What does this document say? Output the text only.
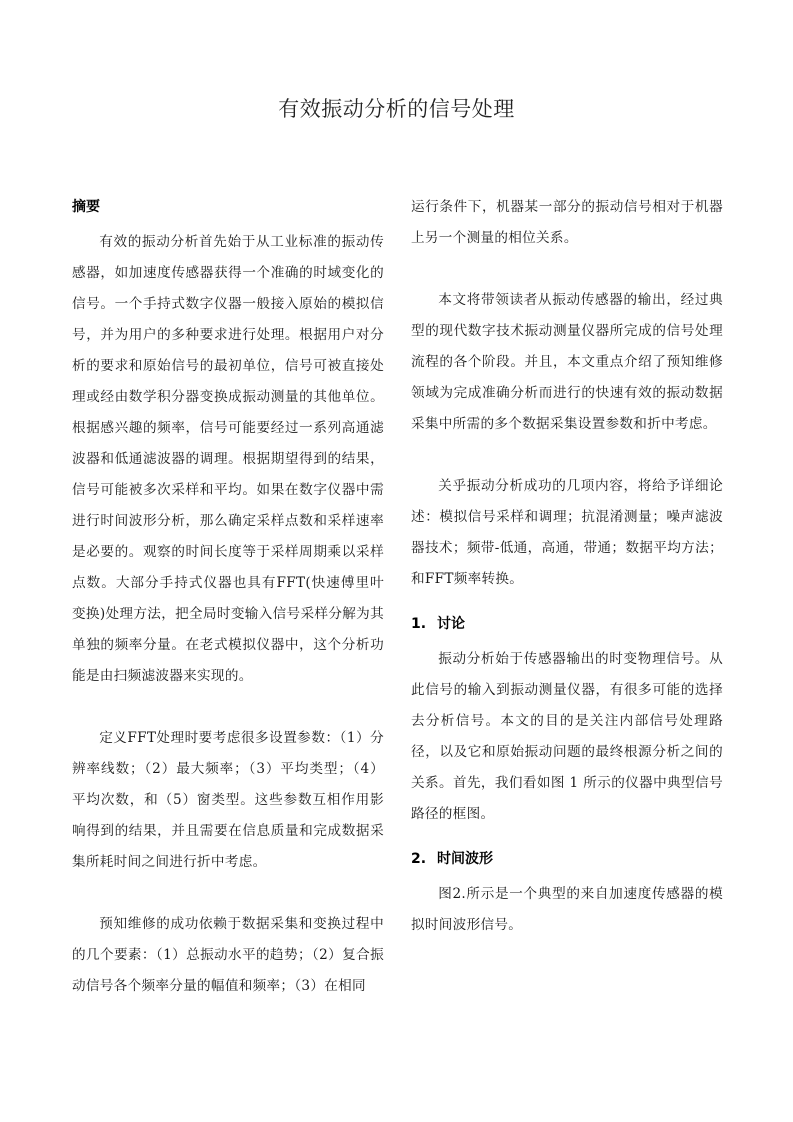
有效振动分析的信号处理
摘要

有效的振动分析首先始于从工业标准的振动传感器，如加速度传感器获得一个准确的时域变化的信号。一个手持式数字仪器一般接入原始的模拟信号，并为用户的多种要求进行处理。根据用户对分析的要求和原始信号的最初单位，信号可被直接处理或经由数学积分器变换成振动测量的其他单位。根据感兴趣的频率，信号可能要经过一系列高通滤波器和低通滤波器的调理。根据期望得到的结果，信号可能被多次采样和平均。如果在数字仪器中需进行时间波形分析，那么确定采样点数和采样速率是必要的。观察的时间长度等于采样周期乘以采样点数。大部分手持式仪器也具有FFT(快速傅里叶变换)处理方法，把全局时变输入信号采样分解为其单独的频率分量。在老式模拟仪器中，这个分析功能是由扫频滤波器来实现的。

定义FFT处理时要考虑很多设置参数：（1）分辨率线数；（2）最大频率；（3）平均类型；（4）平均次数，和（5）窗类型。这些参数互相作用影响得到的结果，并且需要在信息质量和完成数据采集所耗时间之间进行折中考虑。

预知维修的成功依赖于数据采集和变换过程中的几个要素：（1）总振动水平的趋势；（2）复合振动信号各个频率分量的幅值和频率；（3）在相同

运行条件下，机器某一部分的振动信号相对于机器上另一个测量的相位关系。

本文将带领读者从振动传感器的输出，经过典型的现代数字技术振动测量仪器所完成的信号处理流程的各个阶段。并且，本文重点介绍了预知维修领域为完成准确分析而进行的快速有效的振动数据采集中所需的多个数据采集设置参数和折中考虑。

关乎振动分析成功的几项内容，将给予详细论述：模拟信号采样和调理；抗混淆测量；噪声滤波器技术；频带-低通，高通，带通；数据平均方法；和FFT频率转换。

1. 讨论

振动分析始于传感器输出的时变物理信号。从此信号的输入到振动测量仪器，有很多可能的选择去分析信号。本文的目的是关注内部信号处理路径，以及它和原始振动问题的最终根源分析之间的关系。首先，我们看如图 1 所示的仪器中典型信号路径的框图。

2. 时间波形

图2.所示是一个典型的来自加速度传感器的模拟时间波形信号。
